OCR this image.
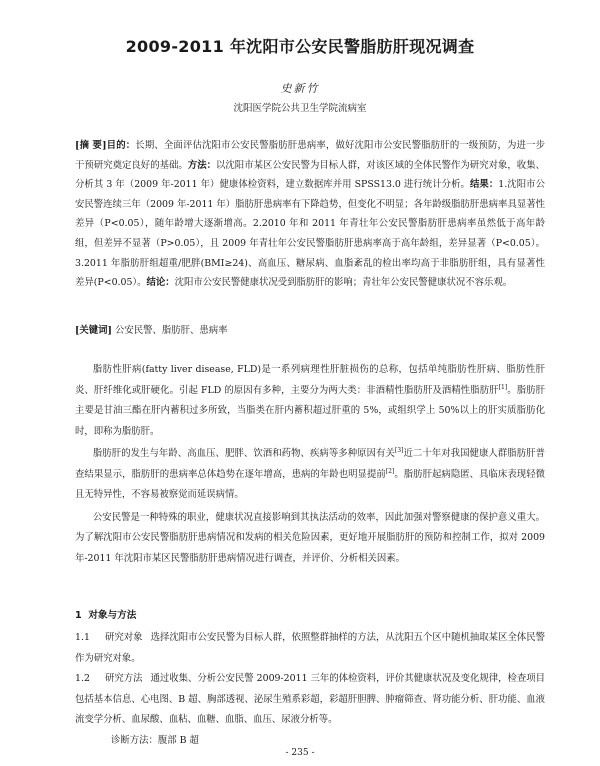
2009-2011 年沈阳市公安民警脂肪肝现况调查
史新竹
沈阳医学院公共卫生学院流病室

[摘 要]目的：长期、全面评估沈阳市公安民警脂肪肝患病率，做好沈阳市公安民警脂肪肝的一级预防，为进一步干预研究奠定良好的基础。方法：以沈阳市某区公安民警为目标人群，对该区域的全体民警作为研究对象，收集、分析其 3 年（2009 年-2011 年）健康体检资料，建立数据库并用 SPSS13.0 进行统计分析。结果：1.沈阳市公安民警连续三年（2009 年-2011 年）脂肪肝患病率有下降趋势，但变化不明显；各年龄级脂肪肝患病率具显著性差异（P<0.05），随年龄增大逐渐增高。2.2010 年和 2011 年青壮年公安民警脂肪肝患病率虽然低于高年龄组，但差异不显著（P>0.05），且 2009 年青壮年公安民警脂肪肝患病率高于高年龄组，差异显著（P<0.05）。3.2011 年脂肪肝组超重/肥胖(BMI≥24)、高血压、糖尿病、血脂紊乱的检出率均高于非脂肪肝组，具有显著性差异(P<0.05）。结论：沈阳市公安民警健康状况受到脂肪肝的影响；青壮年公安民警健康状况不容乐观。

[关键词] 公安民警、脂肪肝、患病率

脂肪性肝病(fatty liver disease, FLD)是一系列病理性肝脏损伤的总称，包括单纯脂肪性肝病、脂肪性肝炎、肝纤维化或肝硬化。引起 FLD 的原因有多种，主要分为两大类：非酒精性脂肪肝及酒精性脂肪肝[1]。脂肪肝主要是甘油三酯在肝内蓄积过多所致，当脂类在肝内蓄积超过肝重的 5%，或组织学上 50%以上的肝实质脂肪化时，即称为脂肪肝。

脂肪肝的发生与年龄、高血压、肥胖、饮酒和药物、疾病等多种原因有关[3]近二十年对我国健康人群脂肪肝普查结果显示，脂肪肝的患病率总体趋势在逐年增高，患病的年龄也明显提前[2]。脂肪肝起病隐匿、具临床表现轻微且无特异性，不容易被察觉而延误病情。

公安民警是一种特殊的职业，健康状况直接影响到其执法活动的效率，因此加强对警察健康的保护意义重大。为了解沈阳市公安民警脂肪肝患病情况和发病的相关危险因素，更好地开展脂肪肝的预防和控制工作，拟对 2009 年-2011 年沈阳市某区民警脂肪肝患病情况进行调查，并评价、分析相关因素。

1 对象与方法

1.1 研究对象 选择沈阳市公安民警为目标人群，依照整群抽样的方法，从沈阳五个区中随机抽取某区全体民警作为研究对象。

1.2 研究方法 通过收集、分析公安民警 2009-2011 三年的体检资料，评价其健康状况及变化规律，检查项目包括基本信息、心电图、B 超、胸部透视、泌尿生殖系彩超，彩超肝胆脾、肿瘤筛查、肾功能分析、肝功能、血液流变学分析、血尿酸、血粘、血糖、血脂、血压、尿液分析等。

诊断方法：腹部 B 超

- 235 -
